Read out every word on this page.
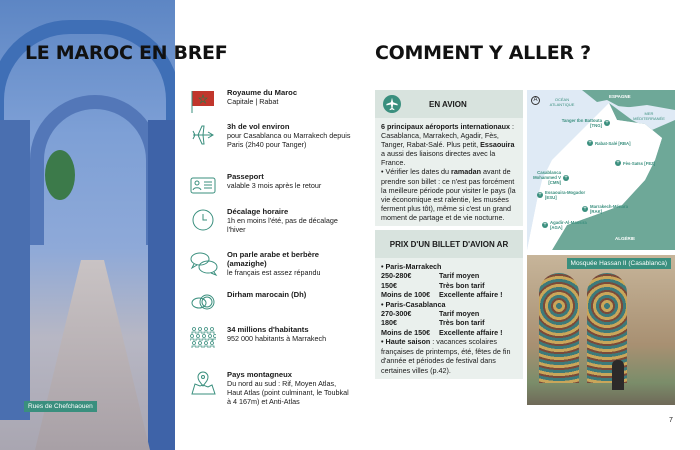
Rues de Chefchaouen
LE MAROC EN BREF
Royaume du Maroc
Capitale | Rabat
3h de vol environ
pour Casablanca ou Marrakech depuis Paris (2h40 pour Tanger)
Passeport
valable 3 mois après le retour
Décalage horaire
1h en moins l'été, pas de décalage l'hiver
On parle arabe et berbère (amazighe)
le français est assez répandu
Dirham marocain (Dh)
34 millions d'habitants
952 000 habitants à Marrakech
Pays montagneux
Du nord au sud : Rif, Moyen Atlas, Haut Atlas (point culminant, le Toubkal à 4 167m) et Anti-Atlas
COMMENT Y ALLER ?
EN AVION

6 principaux aéroports internationaux : Casablanca, Marrakech, Agadir, Fès, Tanger, Rabat-Salé. Plus petit, Essaouira a aussi des liaisons directes avec la France.

• Vérifier les dates du ramadan avant de prendre son billet : ce n'est pas forcément la meilleure période pour visiter le pays (la vie économique est ralentie, les musées ferment plus tôt), même si c'est un grand moment de partage et de vie nocturne.

PRIX D'UN BILLET D'AVION AR
• Paris-Marrakech
250-280€	Tarif moyen
150€	Très bon tarif
Moins de 100€	Excellente affaire !
• Paris-Casablanca
270-300€	Tarif moyen
180€	Très bon tarif
Moins de 150€	Excellente affaire !

• Haute saison : vacances scolaires françaises de printemps, été, fêtes de fin d'année et périodes de festival dans certaines villes (p.42).

A
ESPAGNE
OCÉAN ATLANTIQUE
MER MÉDITERRANÉE
ALGÉRIE
+
Tanger Ibn Battouta [TNG]
+ Rabat-Salé [RBA]
+ Fès-Saïss [FEZ]
+
Casablanca Mohammed V [CMN]
+ Essaouira-Mogador [ESU]
+ Marrakech-Ménara [RAK]
+ Agadir-Al-Massira [AGA]
Mosquée Hassan II (Casablanca)
7
